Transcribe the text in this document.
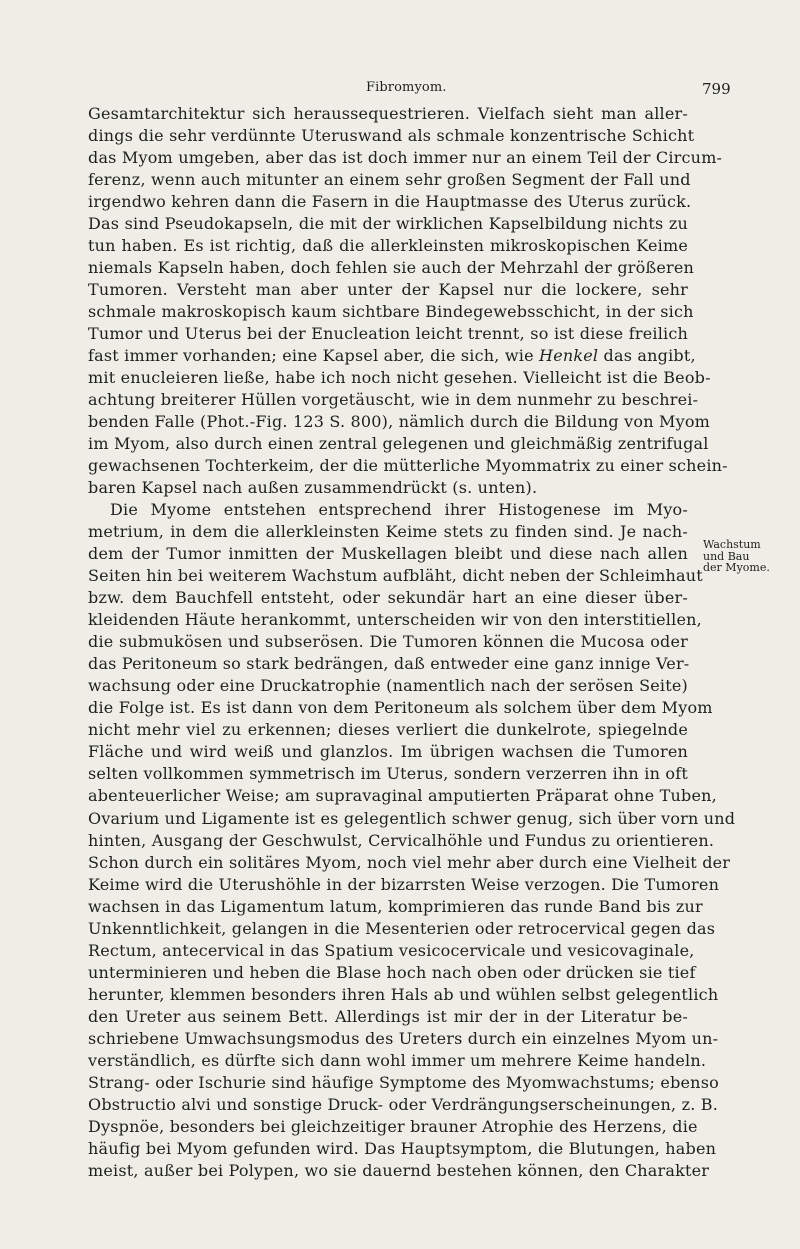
Fibromyom.	799
Gesamtarchitektur sich heraussequestrieren. Vielfach sieht man aller-
dings die sehr verdünnte Uteruswand als schmale konzentrische Schicht
das Myom umgeben, aber das ist doch immer nur an einem Teil der Circum-
ferenz, wenn auch mitunter an einem sehr großen Segment der Fall und
irgendwo kehren dann die Fasern in die Hauptmasse des Uterus zurück.
Das sind Pseudokapseln, die mit der wirklichen Kapselbildung nichts zu
tun haben. Es ist richtig, daß die allerkleinsten mikroskopischen Keime
niemals Kapseln haben, doch fehlen sie auch der Mehrzahl der größeren
Tumoren. Versteht man aber unter der Kapsel nur die lockere, sehr
schmale makroskopisch kaum sichtbare Bindegewebsschicht, in der sich
Tumor und Uterus bei der Enucleation leicht trennt, so ist diese freilich
fast immer vorhanden; eine Kapsel aber, die sich, wie Henkel das angibt,
mit enucleieren ließe, habe ich noch nicht gesehen. Vielleicht ist die Beob-
achtung breiterer Hüllen vorgetäuscht, wie in dem nunmehr zu beschrei-
benden Falle (Phot.-Fig. 123 S. 800), nämlich durch die Bildung von Myom
im Myom, also durch einen zentral gelegenen und gleichmäßig zentrifugal
gewachsenen Tochterkeim, der die mütterliche Myommatrix zu einer schein-
baren Kapsel nach außen zusammendrückt (s. unten).
Die Myome entstehen entsprechend ihrer Histogenese im Myo-
metrium, in dem die allerkleinsten Keime stets zu finden sind. Je nach-
dem der Tumor inmitten der Muskellagen bleibt und diese nach allen
Seiten hin bei weiterem Wachstum aufbläht, dicht neben der Schleimhaut
bzw. dem Bauchfell entsteht, oder sekundär hart an eine dieser über-
kleidenden Häute herankommt, unterscheiden wir von den interstitiellen,
die submukösen und subserösen. Die Tumoren können die Mucosa oder
das Peritoneum so stark bedrängen, daß entweder eine ganz innige Ver-
wachsung oder eine Druckatrophie (namentlich nach der serösen Seite)
die Folge ist. Es ist dann von dem Peritoneum als solchem über dem Myom
nicht mehr viel zu erkennen; dieses verliert die dunkelrote, spiegelnde
Fläche und wird weiß und glanzlos. Im übrigen wachsen die Tumoren
selten vollkommen symmetrisch im Uterus, sondern verzerren ihn in oft
abenteuerlicher Weise; am supravaginal amputierten Präparat ohne Tuben,
Ovarium und Ligamente ist es gelegentlich schwer genug, sich über vorn und
hinten, Ausgang der Geschwulst, Cervicalhöhle und Fundus zu orientieren.
Schon durch ein solitäres Myom, noch viel mehr aber durch eine Vielheit der
Keime wird die Uterushöhle in der bizarrsten Weise verzogen. Die Tumoren
wachsen in das Ligamentum latum, komprimieren das runde Band bis zur
Unkenntlichkeit, gelangen in die Mesenterien oder retrocervical gegen das
Rectum, antecervical in das Spatium vesicocervicale und vesicovaginale,
unterminieren und heben die Blase hoch nach oben oder drücken sie tief
herunter, klemmen besonders ihren Hals ab und wühlen selbst gelegentlich
den Ureter aus seinem Bett. Allerdings ist mir der in der Literatur be-
schriebene Umwachsungsmodus des Ureters durch ein einzelnes Myom un-
verständlich, es dürfte sich dann wohl immer um mehrere Keime handeln.
Strang- oder Ischurie sind häufige Symptome des Myomwachstums; ebenso
Obstructio alvi und sonstige Druck- oder Verdrängungserscheinungen, z. B.
Dyspnöe, besonders bei gleichzeitiger brauner Atrophie des Herzens, die
häufig bei Myom gefunden wird. Das Hauptsymptom, die Blutungen, haben
meist, außer bei Polypen, wo sie dauernd bestehen können, den Charakter
Wachstum
und Bau
der Myome.
